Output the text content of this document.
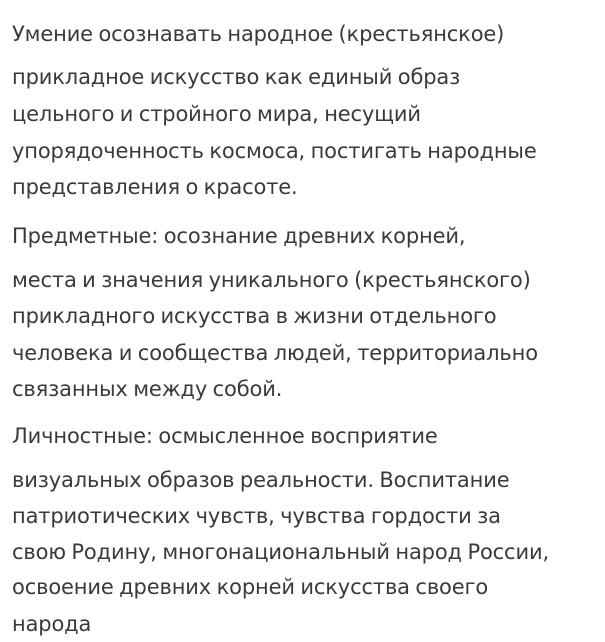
Умение осознавать народное (крестьянское)
прикладное искусство как единый образ
цельного и стройного мира, несущий
упорядоченность космоса, постигать народные
представления о красоте.
Предметные: осознание древних корней,
места и значения уникального (крестьянского)
прикладного искусства в жизни отдельного
человека и сообщества людей, территориально
связанных между собой.
Личностные: осмысленное восприятие
визуальных образов реальности. Воспитание
патриотических чувств, чувства гордости за
свою Родину, многонациональный народ России,
освоение древних корней искусства своего
народа
